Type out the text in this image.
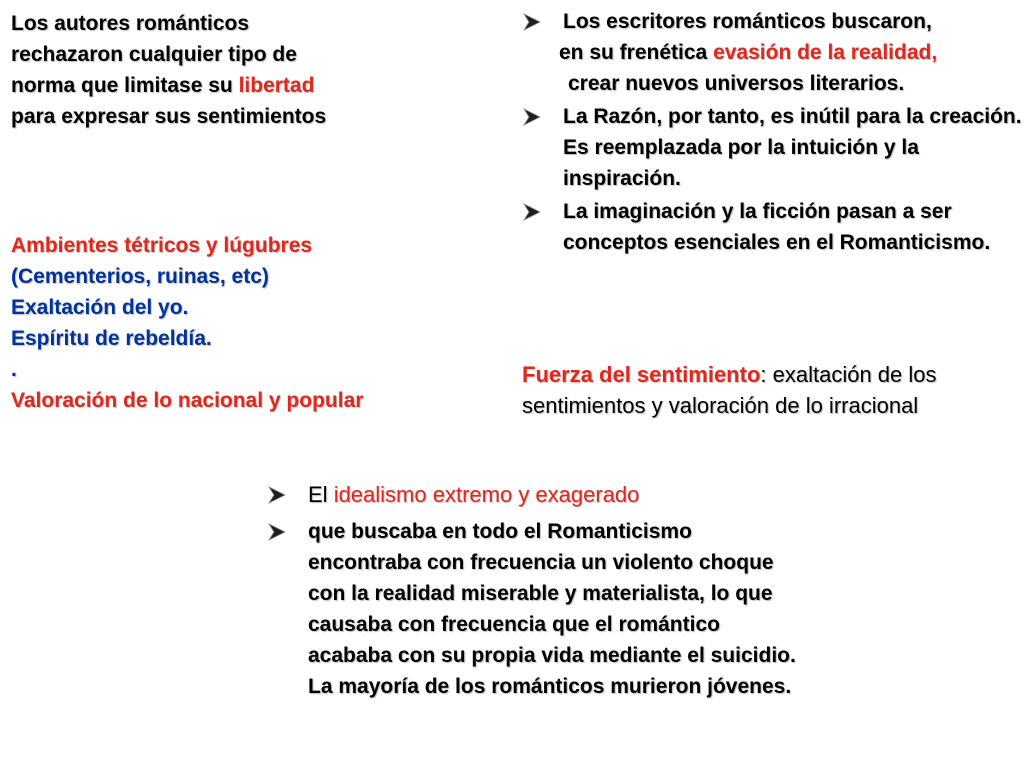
Los autores románticos rechazaron cualquier tipo de norma que limitase su libertad para expresar sus sentimientos
Ambientes tétricos y lúgubres
(Cementerios, ruinas, etc)
Exaltación del yo.
Espíritu de rebeldía.
.
Valoración de lo nacional y popular
Los escritores románticos buscaron,
en su frenética evasión de la realidad,
crear nuevos universos literarios.
La Razón, por tanto, es inútil para la creación. Es reemplazada por la intuición y la inspiración.
La imaginación y la ficción pasan a ser conceptos esenciales en el Romanticismo.
Fuerza del sentimiento: exaltación de los sentimientos y valoración de lo irracional
El idealismo extremo y exagerado
que buscaba en todo el Romanticismo encontraba con frecuencia un violento choque con la realidad miserable y materialista, lo que causaba con frecuencia que el romántico acababa con su propia vida mediante el suicidio. La mayoría de los románticos murieron jóvenes.
